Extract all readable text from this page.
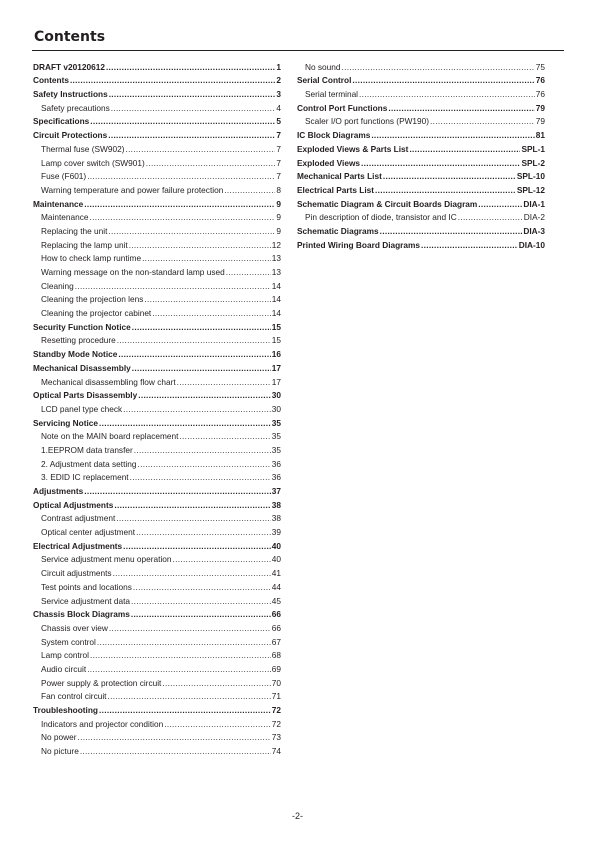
Contents
DRAFT v20120612 .....	1
Contents .....	2
Safety Instructions .....	3
Safety precautions .....	4
Specifications .....	5
Circuit Protections .....	7
Thermal fuse (SW902) .....	7
Lamp cover switch (SW901) .....	7
Fuse (F601) .....	7
Warning temperature and power failure protection .....	8
Maintenance .....	9
Maintenance .....	9
Replacing the unit .....	9
Replacing the lamp unit .....	12
How to check lamp runtime .....	13
Warning message on the non-standard lamp used .....	13
Cleaning .....	14
Cleaning the projection lens .....	14
Cleaning the projector cabinet .....	14
Security Function Notice .....	15
Resetting procedure .....	15
Standby Mode Notice .....	16
Mechanical Disassembly .....	17
Mechanical disassembling flow chart .....	17
Optical Parts Disassembly .....	30
LCD panel type check .....	30
Servicing Notice .....	35
Note on the MAIN board replacement .....	35
1.EEPROM data transfer .....	35
2. Adjustment data setting .....	36
3. EDID IC replacement .....	36
Adjustments .....	37
Optical Adjustments .....	38
Contrast adjustment .....	38
Optical center adjustment .....	39
Electrical Adjustments .....	40
Service adjustment menu operation .....	40
Circuit adjustments .....	41
Test points and locations .....	44
Service adjustment data .....	45
Chassis Block Diagrams .....	66
Chassis over view .....	66
System control .....	67
Lamp control .....	68
Audio circuit .....	69
Power supply & protection circuit .....	70
Fan control circuit .....	71
Troubleshooting .....	72
Indicators and projector condition .....	72
No power .....	73
No picture .....	74
No sound .....	75
Serial Control .....	76
Serial terminal .....	76
Control Port Functions .....	79
Scaler I/O port functions (PW190) .....	79
IC Block Diagrams .....	81
Exploded Views & Parts List .....	SPL-1
Exploded Views .....	SPL-2
Mechanical Parts List .....	SPL-10
Electrical Parts List .....	SPL-12
Schematic Diagram & Circuit Boards Diagram .....	DIA-1
Pin description of diode, transistor and IC .....	DIA-2
Schematic Diagrams .....	DIA-3
Printed Wiring Board Diagrams .....	DIA-10
-2-
